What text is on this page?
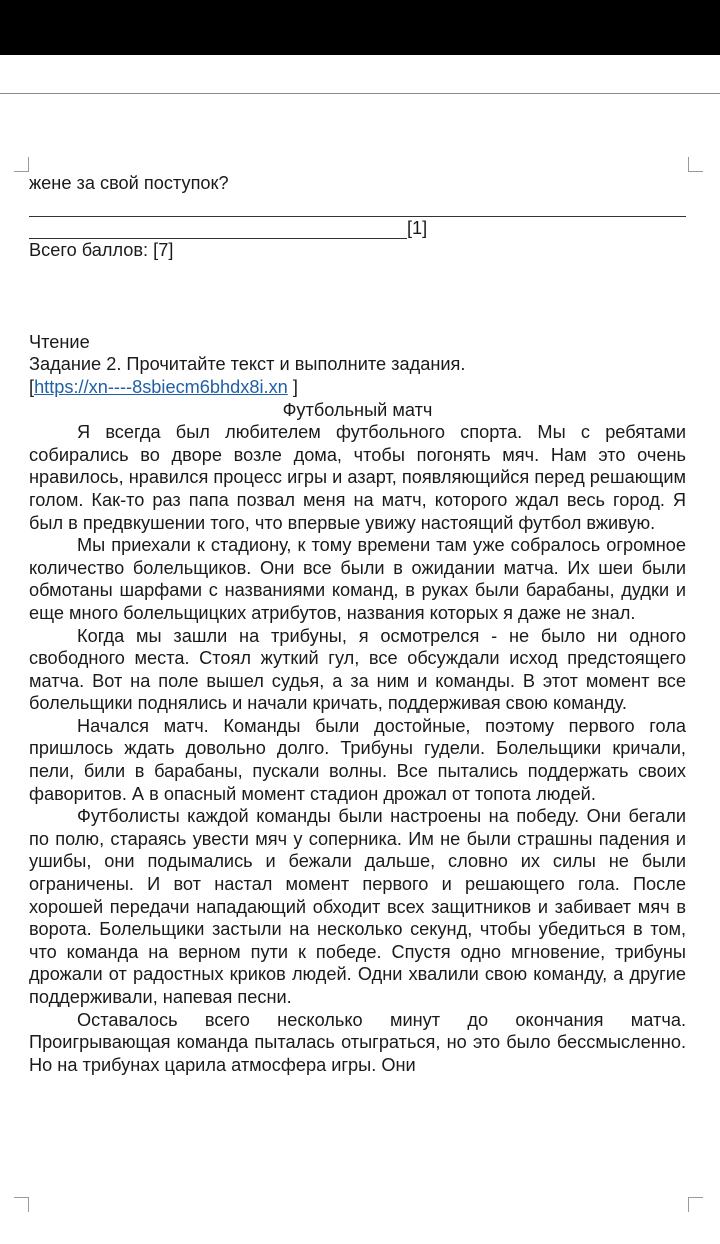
жене за свой поступок?
[1]
Всего баллов: [7]
Чтение
Задание 2. Прочитайте текст и выполните задания.
[https://xn----8sbiecm6bhdx8i.xn ]
Футбольный матч

Я всегда был любителем футбольного спорта. Мы с ребятами собирались во дворе возле дома, чтобы погонять мяч. Нам это очень нравилось, нравился процесс игры и азарт, появляющийся перед решающим голом. Как-то раз папа позвал меня на матч, которого ждал весь город. Я был в предвкушении того, что впервые увижу настоящий футбол вживую.

Мы приехали к стадиону, к тому времени там уже собралось огромное количество болельщиков. Они все были в ожидании матча. Их шеи были обмотаны шарфами с названиями команд, в руках были барабаны, дудки и еще много болельщицких атрибутов, названия которых я даже не знал.

Когда мы зашли на трибуны, я осмотрелся - не было ни одного свободного места. Стоял жуткий гул, все обсуждали исход предстоящего матча. Вот на поле вышел судья, а за ним и команды. В этот момент все болельщики поднялись и начали кричать, поддерживая свою команду.

Начался матч. Команды были достойные, поэтому первого гола пришлось ждать довольно долго. Трибуны гудели. Болельщики кричали, пели, били в барабаны, пускали волны. Все пытались поддержать своих фаворитов. А в опасный момент стадион дрожал от топота людей.

Футболисты каждой команды были настроены на победу. Они бегали по полю, стараясь увести мяч у соперника. Им не были страшны падения и ушибы, они подымались и бежали дальше, словно их силы не были ограничены. И вот настал момент первого и решающего гола. После хорошей передачи нападающий обходит всех защитников и забивает мяч в ворота. Болельщики застыли на несколько секунд, чтобы убедиться в том, что команда на верном пути к победе. Спустя одно мгновение, трибуны дрожали от радостных криков людей. Одни хвалили свою команду, а другие поддерживали, напевая песни.

Оставалось всего несколько минут до окончания матча. Проигрывающая команда пыталась отыграться, но это было бессмысленно. Но на трибунах царила атмосфера игры. Они
